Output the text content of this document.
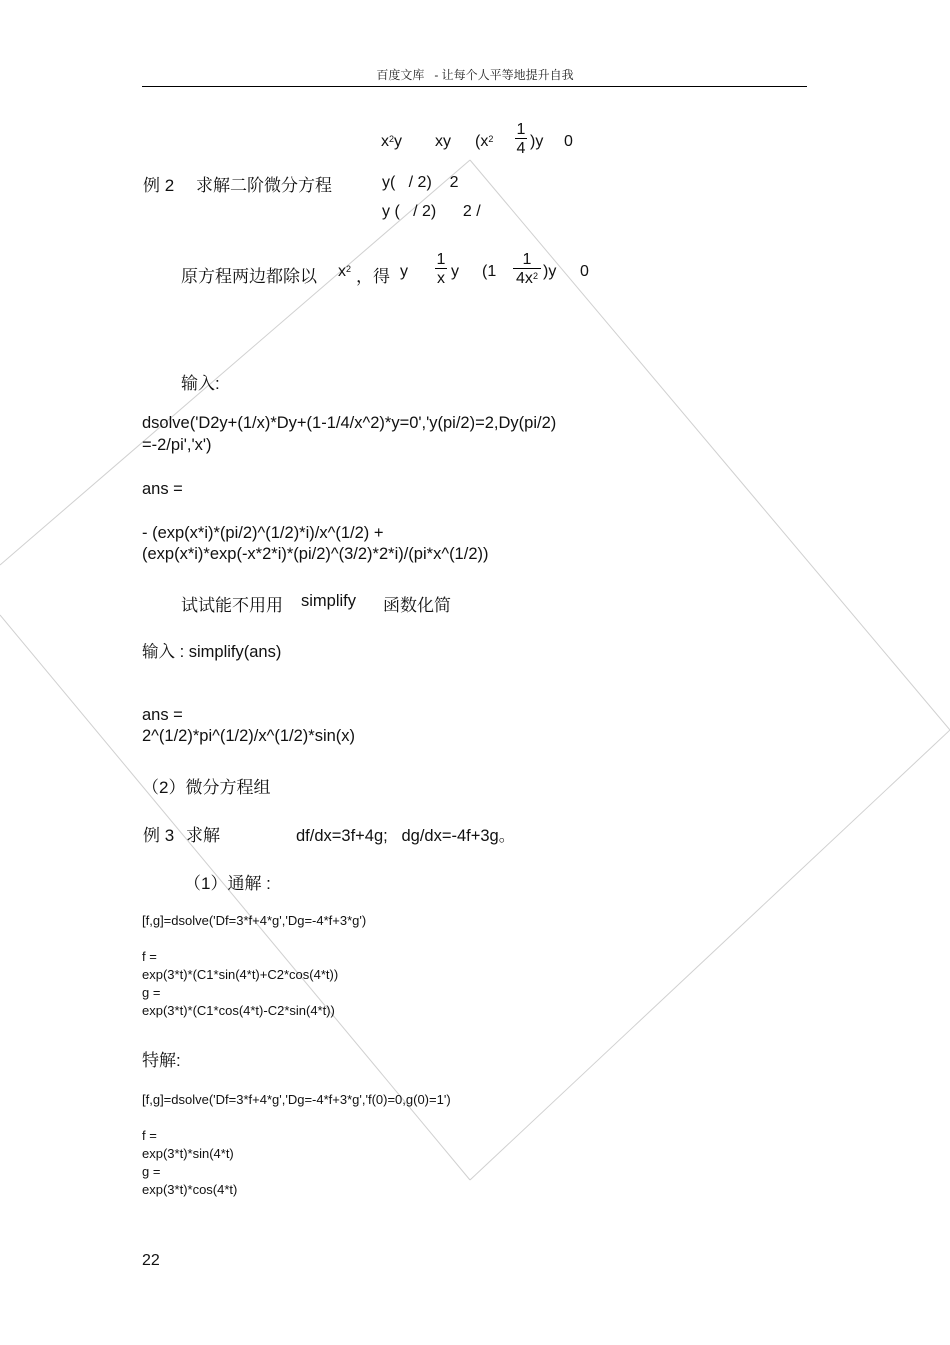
百度文库 - 让每个人平等地提升自我
$x^2y$ xy ($x^2$
1
4 )y 0
例 2 求解二阶微分方程	y(   / 2)    2
y (   / 2)      2 /
原方程两边都除以 $x^2$ ，得 y
1
x y (1
1
$4x^2$ )y 0
输入:
dsolve('D2y+(1/x)*Dy+(1-1/4/x^2)*y=0','y(pi/2)=2,Dy(pi/2)
=-2/pi','x')
ans =
- (exp(x*i)*(pi/2)^(1/2)*i)/x^(1/2) +
(exp(x*i)*exp(-x*2*i)*(pi/2)^(3/2)*2*i)/(pi*x^(1/2))
试试能不用用 simplify 函数化简
输入 : simplify(ans)
ans =
2^(1/2)*pi^(1/2)/x^(1/2)*sin(x)
（2）微分方程组
例 3 求解	df/dx=3f+4g;   dg/dx=-4f+3g。
（1）通解 :
[f,g]=dsolve('Df=3*f+4*g','Dg=-4*f+3*g')
f =
exp(3*t)*(C1*sin(4*t)+C2*cos(4*t))
g =
exp(3*t)*(C1*cos(4*t)-C2*sin(4*t))
特解:
[f,g]=dsolve('Df=3*f+4*g','Dg=-4*f+3*g','f(0)=0,g(0)=1')
f =
exp(3*t)*sin(4*t)
g =
exp(3*t)*cos(4*t)
22
